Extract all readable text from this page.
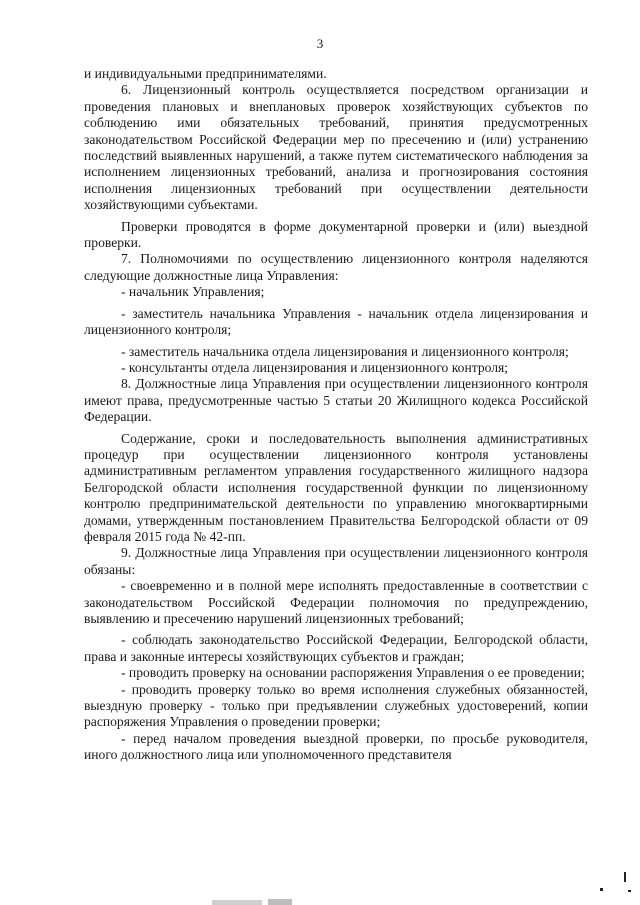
3

и индивидуальными предпринимателями.

6. Лицензионный контроль осуществляется посредством организации и проведения плановых и внеплановых проверок хозяйствующих субъектов по соблюдению ими обязательных требований, принятия предусмотренных законодательством Российской Федерации мер по пресечению и (или) устранению последствий выявленных нарушений, а также путем систематического наблюдения за исполнением лицензионных требований, анализа и прогнозирования состояния исполнения лицензионных требований при осуществлении деятельности хозяйствующими субъектами.

Проверки проводятся в форме документарной проверки и (или) выездной проверки.

7. Полномочиями по осуществлению лицензионного контроля наделяются следующие должностные лица Управления:

- начальник Управления;

- заместитель начальника Управления - начальник отдела лицензирования и лицензионного контроля;

- заместитель начальника отдела лицензирования и лицензионного контроля;

- консультанты отдела лицензирования и лицензионного контроля;

8. Должностные лица Управления при осуществлении лицензионного контроля имеют права, предусмотренные частью 5 статьи 20 Жилищного кодекса Российской Федерации.

Содержание, сроки и последовательность выполнения административных процедур при осуществлении лицензионного контроля установлены административным регламентом управления государственного жилищного надзора Белгородской области исполнения государственной функции по лицензионному контролю предпринимательской деятельности по управлению многоквартирными домами, утвержденным постановлением Правительства Белгородской области от 09 февраля 2015 года № 42-пп.

9. Должностные лица Управления при осуществлении лицензионного контроля обязаны:

- своевременно и в полной мере исполнять предоставленные в соответствии с законодательством Российской Федерации полномочия по предупреждению, выявлению и пресечению нарушений лицензионных требований;

- соблюдать законодательство Российской Федерации, Белгородской области, права и законные интересы хозяйствующих субъектов и граждан;

- проводить проверку на основании распоряжения Управления о ее проведении;

- проводить проверку только во время исполнения служебных обязанностей, выездную проверку - только при предъявлении служебных удостоверений, копии распоряжения Управления о проведении проверки;

- перед началом проведения выездной проверки, по просьбе руководителя, иного должностного лица или уполномоченного представителя
